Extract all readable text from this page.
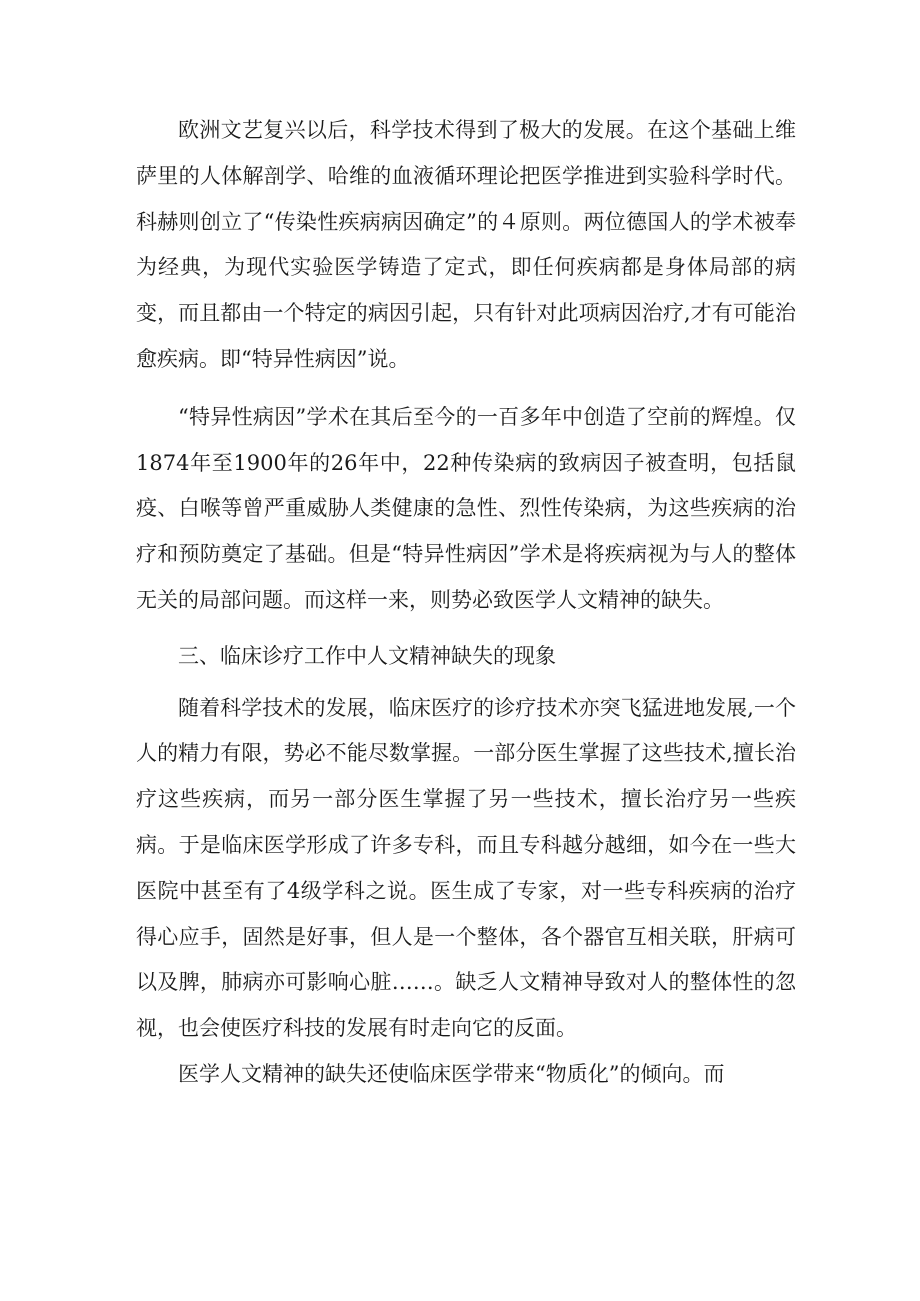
欧洲文艺复兴以后，科学技术得到了极大的发展。在这个基础上维萨里的人体解剖学、哈维的血液循环理论把医学推进到实验科学时代。科赫则创立了“传染性疾病病因确定”的４原则。两位德国人的学术被奉为经典，为现代实验医学铸造了定式，即任何疾病都是身体局部的病变，而且都由一个特定的病因引起，只有针对此项病因治疗,才有可能治愈疾病。即“特异性病因”说。

“特异性病因”学术在其后至今的一百多年中创造了空前的辉煌。仅1874年至1900年的26年中，22种传染病的致病因子被查明，包括鼠疫、白喉等曾严重威胁人类健康的急性、烈性传染病，为这些疾病的治疗和预防奠定了基础。但是“特异性病因”学术是将疾病视为与人的整体无关的局部问题。而这样一来，则势必致医学人文精神的缺失。

三、临床诊疗工作中人文精神缺失的现象

随着科学技术的发展，临床医疗的诊疗技术亦突飞猛进地发展,一个人的精力有限，势必不能尽数掌握。一部分医生掌握了这些技术,擅长治疗这些疾病，而另一部分医生掌握了另一些技术，擅长治疗另一些疾病。于是临床医学形成了许多专科，而且专科越分越细，如今在一些大医院中甚至有了4级学科之说。医生成了专家，对一些专科疾病的治疗得心应手，固然是好事，但人是一个整体，各个器官互相关联，肝病可以及脾，肺病亦可影响心脏……。缺乏人文精神导致对人的整体性的忽视，也会使医疗科技的发展有时走向它的反面。

医学人文精神的缺失还使临床医学带来“物质化”的倾向。而
